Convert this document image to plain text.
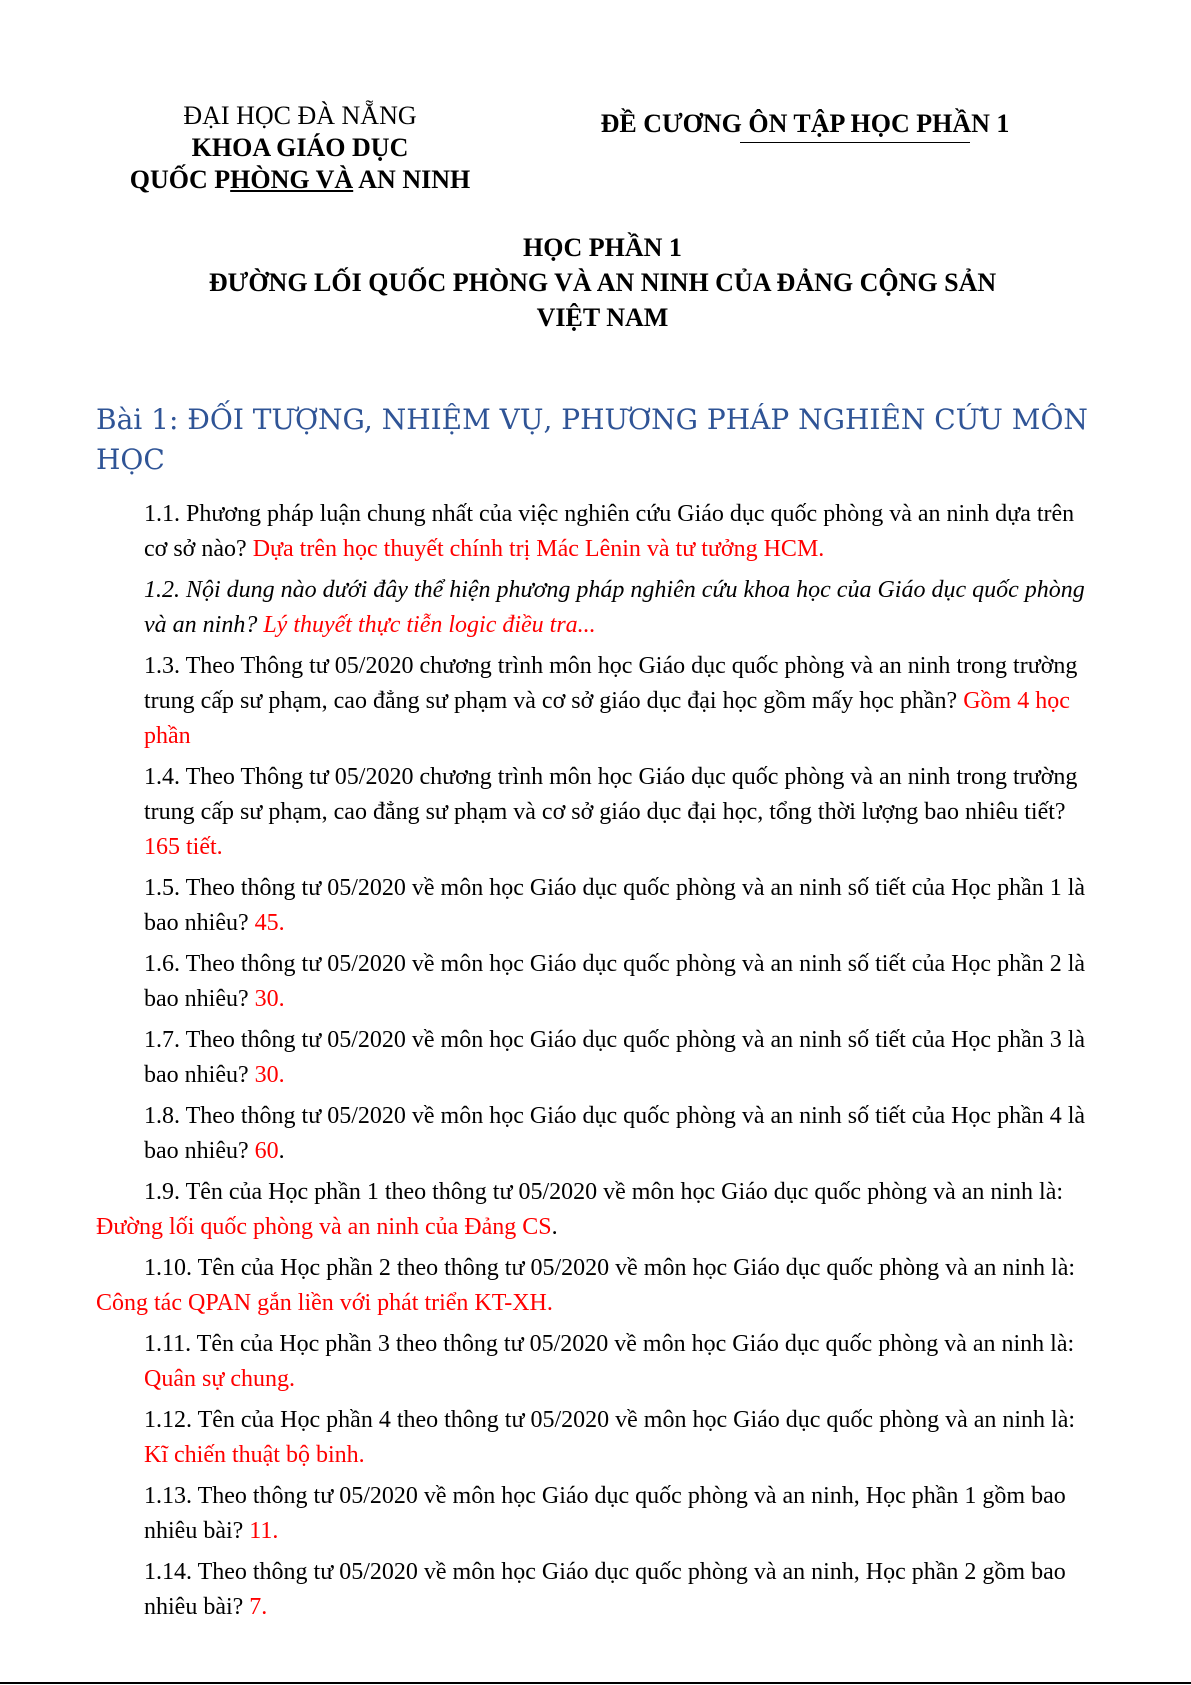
ĐẠI HỌC ĐÀ NẴNG
KHOA GIÁO DỤC
QUỐC PHÒNG VÀ AN NINH
ĐỀ CƯƠNG ÔN TẬP HỌC PHẦN 1
HỌC PHẦN 1
ĐƯỜNG LỐI QUỐC PHÒNG VÀ AN NINH CỦA ĐẢNG CỘNG SẢN
VIỆT NAM
Bài 1: ĐỐI TƯỢNG, NHIỆM VỤ, PHƯƠNG PHÁP NGHIÊN CỨU MÔN HỌC

1.1. Phương pháp luận chung nhất của việc nghiên cứu Giáo dục quốc phòng và an ninh dựa trên cơ sở nào? Dựa trên học thuyết chính trị Mác Lênin và tư tưởng HCM.

1.2. Nội dung nào dưới đây thể hiện phương pháp nghiên cứu khoa học của Giáo dục quốc phòng và an ninh? Lý thuyết thực tiễn logic điều tra...

1.3. Theo Thông tư 05/2020 chương trình môn học Giáo dục quốc phòng và an ninh trong trường trung cấp sư phạm, cao đẳng sư phạm và cơ sở giáo dục đại học gồm mấy học phần? Gồm 4 học phần

1.4. Theo Thông tư 05/2020 chương trình môn học Giáo dục quốc phòng và an ninh trong trường trung cấp sư phạm, cao đẳng sư phạm và cơ sở giáo dục đại học, tổng thời lượng bao nhiêu tiết? 165 tiết.

1.5. Theo thông tư 05/2020 về môn học Giáo dục quốc phòng và an ninh số tiết của Học phần 1 là bao nhiêu? 45.

1.6. Theo thông tư 05/2020 về môn học Giáo dục quốc phòng và an ninh số tiết của Học phần 2 là bao nhiêu? 30.

1.7. Theo thông tư 05/2020 về môn học Giáo dục quốc phòng và an ninh số tiết của Học phần 3 là bao nhiêu? 30.

1.8. Theo thông tư 05/2020 về môn học Giáo dục quốc phòng và an ninh số tiết của Học phần 4 là bao nhiêu? 60.

1.9. Tên của Học phần 1 theo thông tư 05/2020 về môn học Giáo dục quốc phòng và an ninh là: Đường lối quốc phòng và an ninh của Đảng CS.

1.10. Tên của Học phần 2 theo thông tư 05/2020 về môn học Giáo dục quốc phòng và an ninh là: Công tác QPAN gắn liền với phát triển KT-XH.

1.11. Tên của Học phần 3 theo thông tư 05/2020 về môn học Giáo dục quốc phòng và an ninh là: Quân sự chung.

1.12. Tên của Học phần 4 theo thông tư 05/2020 về môn học Giáo dục quốc phòng và an ninh là: Kĩ chiến thuật bộ binh.

1.13. Theo thông tư 05/2020 về môn học Giáo dục quốc phòng và an ninh, Học phần 1 gồm bao nhiêu bài? 11.

1.14. Theo thông tư 05/2020 về môn học Giáo dục quốc phòng và an ninh, Học phần 2 gồm bao nhiêu bài? 7.
